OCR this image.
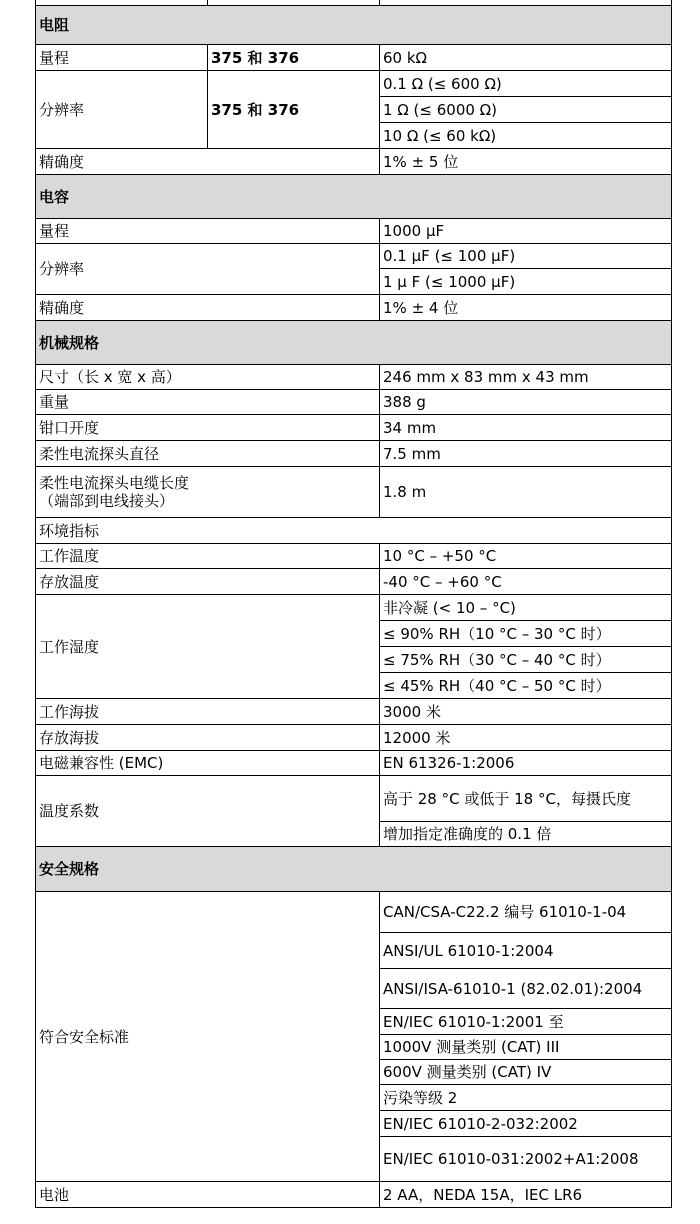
电阻		
量程	375 和 376	60 kΩ
分辨率	375 和 376	0.1 Ω (≤ 600 Ω)
		1 Ω (≤ 6000 Ω)
		10 Ω (≤ 60 kΩ)
精确度		1% ± 5 位
电容		
量程		1000 µF
分辨率		0.1 µF (≤ 100 µF)
		1 µ F (≤ 1000 µF)
精确度		1% ± 4 位
机械规格		
尺寸（长 x 宽 x 高）		246 mm x 83 mm x 43 mm
重量		388 g
钳口开度		34 mm
柔性电流探头直径		7.5 mm

柔性电流探头电缆长度
（端部到电线接头）		1.8 m
环境指标		
工作温度		10 °C – +50 °C
存放温度		-40 °C – +60 °C
工作湿度		非冷凝 (< 10 – °C)
		≤ 90% RH（10 °C – 30 °C 时）
		≤ 75% RH（30 °C – 40 °C 时）
		≤ 45% RH（40 °C – 50 °C 时）
工作海拔		3000 米
存放海拔		12000 米
电磁兼容性 (EMC)		EN 61326-1:2006
温度系数		高于 28 °C 或低于 18 °C，每摄氏度
		增加指定准确度的 0.1 倍
安全规格		
符合安全标准		CAN/CSA-C22.2 编号 61010-1-04
		ANSI/UL 61010-1:2004
		ANSI/ISA-61010-1 (82.02.01):2004
		EN/IEC 61010-1:2001 至
		1000V 测量类别 (CAT) III
		600V 测量类别 (CAT) IV
		污染等级 2
		EN/IEC 61010-2-032:2002
		EN/IEC 61010-031:2002+A1:2008
电池		2 AA，NEDA 15A，IEC LR6
